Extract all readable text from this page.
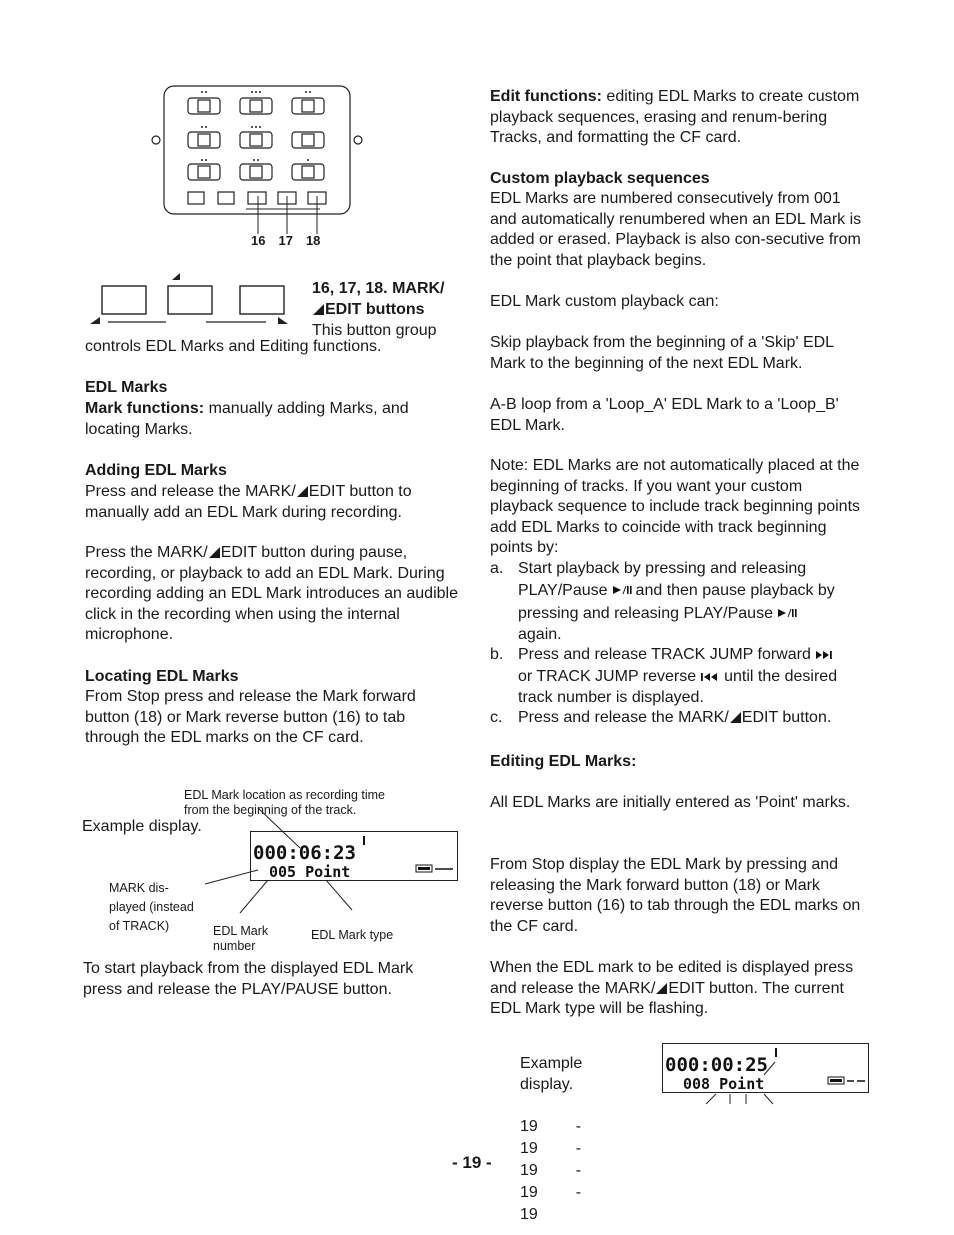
16 17 18

16, 17, 18. MARK/
EDIT buttons

This button group

controls EDL Marks and Editing functions.

EDL Marks

Mark functions: manually adding Marks, and locating Marks.

Adding EDL Marks

Press and release the MARK/ EDIT button to manually add an EDL Mark during recording.

Press the MARK/ EDIT button during pause, recording, or playback to add an EDL Mark. During recording adding an EDL Mark introduces an audible click in the recording when using the internal microphone.

Locating EDL Marks

From Stop press and release the Mark forward button (18) or Mark reverse button (16) to tab through the EDL marks on the CF card.

EDL Mark location as recording time
from the beginning of the track.

Example display.

000:06:23
005 Point

MARK dis-
played (instead
of TRACK)	EDL Mark
number

EDL Mark type

To start playback from the displayed EDL Mark press and release the PLAY/PAUSE button.

Edit functions: editing EDL Marks to create custom playback sequences, erasing and renum-bering Tracks, and formatting the CF card.

Custom playback sequences

EDL Marks are numbered consecutively from 001 and automatically renumbered when an EDL Mark is added or erased. Playback is also con-secutive from the point that playback begins.

EDL Mark custom playback can:

Skip playback from the beginning of a 'Skip' EDL Mark to the beginning of the next EDL Mark.

A-B loop from a 'Loop_A' EDL Mark to a 'Loop_B' EDL Mark.

Note: EDL Marks are not automatically placed at the beginning of tracks. If you want your custom playback sequence to include track beginning points add EDL Marks to coincide with track beginning points by:

a. Start playback by pressing and releasing
PLAY/Pause and then pause playback by
pressing and releasing PLAY/Pause
again.
b. Press and release TRACK JUMP forward
or TRACK JUMP reverse until the desired
track number is displayed.
c. Press and release the MARK/ EDIT button.

Editing EDL Marks:

All EDL Marks are initially entered as 'Point' marks.

From Stop display the EDL Mark by pressing and releasing the Mark forward button (18) or Mark reverse button (16) to tab through the EDL marks on the CF card.

When the EDL mark to be edited is displayed press and release the MARK/ EDIT button. The current EDL Mark type will be flashing.

Example
display.

000:00:25
008 Point

- 19 -

19 -
19 -
19 -
19 -
19
